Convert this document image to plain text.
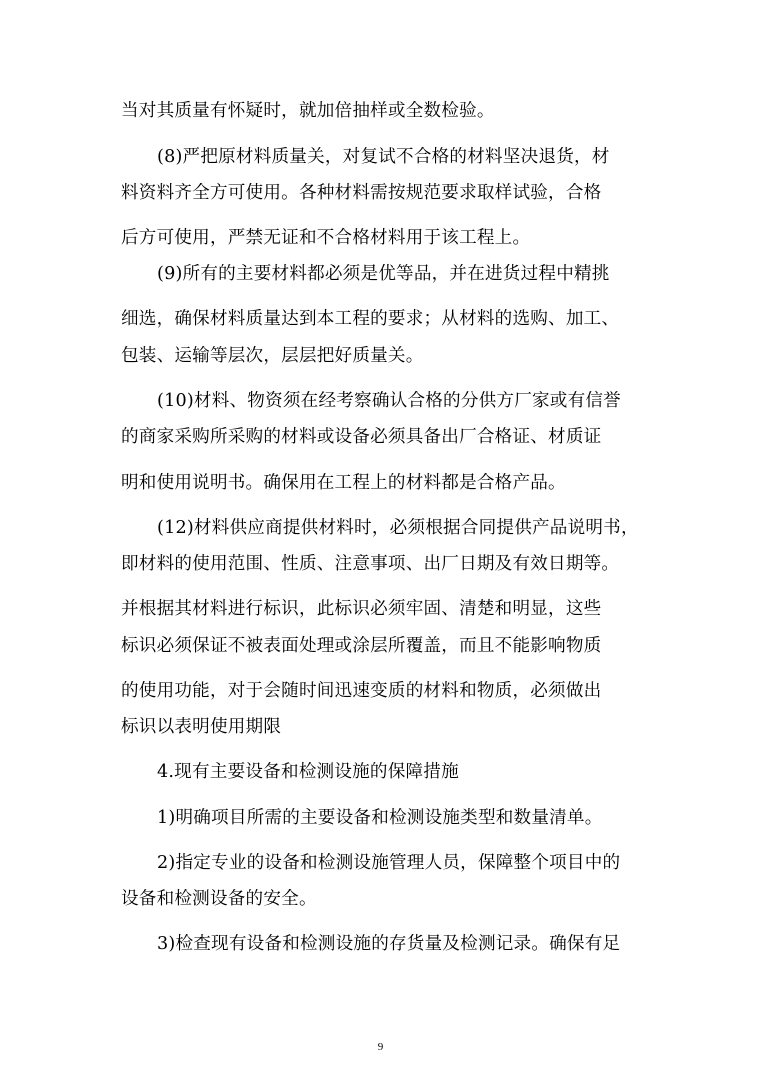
当对其质量有怀疑时，就加倍抽样或全数检验。
(8)严把原材料质量关，对复试不合格的材料坚决退货，材
料资料齐全方可使用。各种材料需按规范要求取样试验，合格
后方可使用，严禁无证和不合格材料用于该工程上。
(9)所有的主要材料都必须是优等品，并在进货过程中精挑
细选，确保材料质量达到本工程的要求；从材料的选购、加工、
包装、运输等层次，层层把好质量关。
(10)材料、物资须在经考察确认合格的分供方厂家或有信誉
的商家采购所采购的材料或设备必须具备出厂合格证、材质证
明和使用说明书。确保用在工程上的材料都是合格产品。
(12)材料供应商提供材料时，必须根据合同提供产品说明书，
即材料的使用范围、性质、注意事项、出厂日期及有效日期等。
并根据其材料进行标识，此标识必须牢固、清楚和明显，这些
标识必须保证不被表面处理或涂层所覆盖，而且不能影响物质
的使用功能，对于会随时间迅速变质的材料和物质，必须做出
标识以表明使用期限
4.现有主要设备和检测设施的保障措施
1)明确项目所需的主要设备和检测设施类型和数量清单。
2)指定专业的设备和检测设施管理人员，保障整个项目中的
设备和检测设备的安全。
3)检查现有设备和检测设施的存货量及检测记录。确保有足
9
